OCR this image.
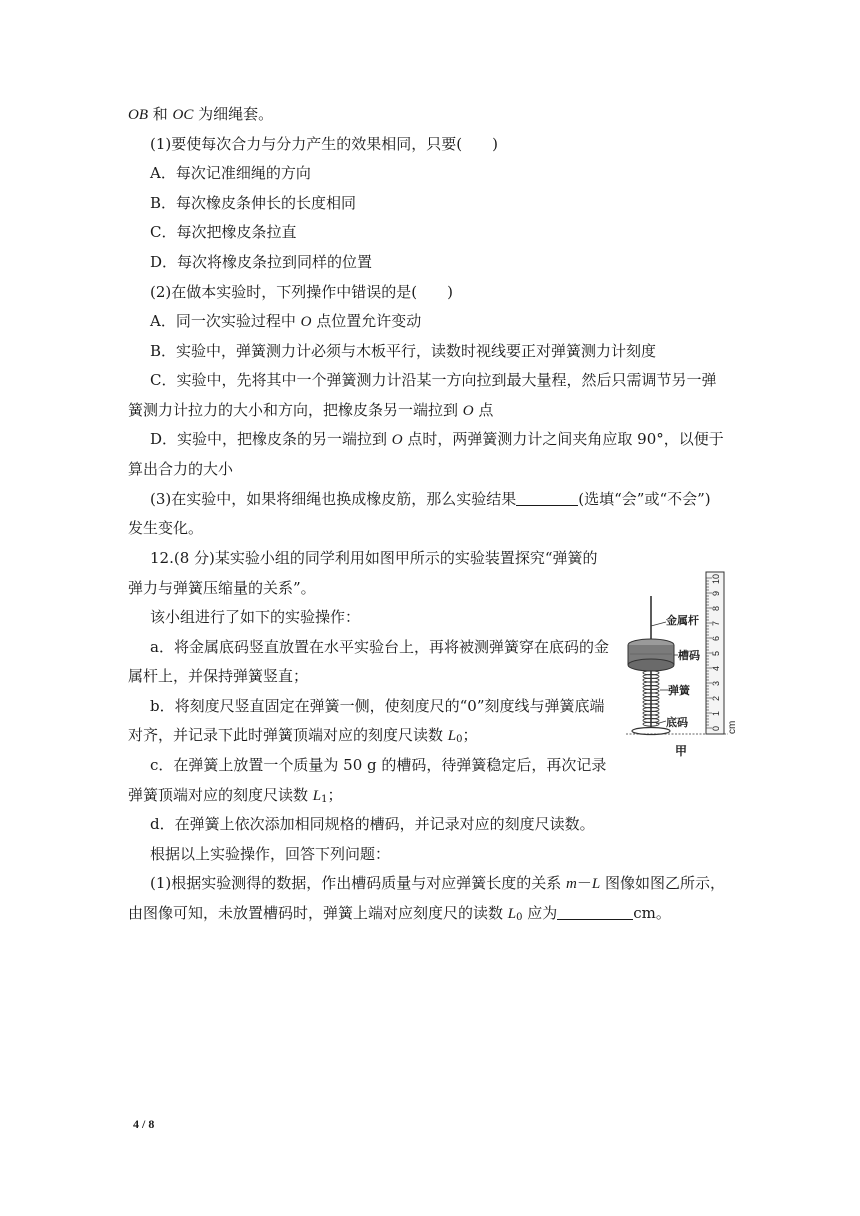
OB 和 OC 为细绳套。
(1)要使每次合力与分力产生的效果相同，只要( )
A．每次记准细绳的方向
B．每次橡皮条伸长的长度相同
C．每次把橡皮条拉直
D．每次将橡皮条拉到同样的位置
(2)在做本实验时，下列操作中错误的是( )
A．同一次实验过程中 O 点位置允许变动
B．实验中，弹簧测力计必须与木板平行，读数时视线要正对弹簧测力计刻度
C．实验中，先将其中一个弹簧测力计沿某一方向拉到最大量程，然后只需调节另一弹
簧测力计拉力的大小和方向，把橡皮条另一端拉到 O 点
D．实验中，把橡皮条的另一端拉到 O 点时，两弹簧测力计之间夹角应取 90°，以便于
算出合力的大小
(3)在实验中，如果将细绳也换成橡皮筋，那么实验结果	(选填“会”或“不会”)
发生变化。
12.(8 分)某实验小组的同学利用如图甲所示的实验装置探究“弹簧的
弹力与弹簧压缩量的关系”。
该小组进行了如下的实验操作：
a．将金属底码竖直放置在水平实验台上，再将被测弹簧穿在底码的金
属杆上，并保持弹簧竖直；
b．将刻度尺竖直固定在弹簧一侧，使刻度尺的“0”刻度线与弹簧底端
对齐，并记录下此时弹簧顶端对应的刻度尺读数 $L_0$；
c．在弹簧上放置一个质量为 50 g 的槽码，待弹簧稳定后，再次记录
弹簧顶端对应的刻度尺读数 $L_1$；
d．在弹簧上依次添加相同规格的槽码，并记录对应的刻度尺读数。
根据以上实验操作，回答下列问题：
(1)根据实验测得的数据，作出槽码质量与对应弹簧长度的关系 m－L 图像如图乙所示，
由图像可知，未放置槽码时，弹簧上端对应刻度尺的读数 $L_0$ 应为	cm。
0
1
2
3
4
5
6
7
8
9
10
cm
金属杆
槽码
弹簧
底码
甲
4 / 8
